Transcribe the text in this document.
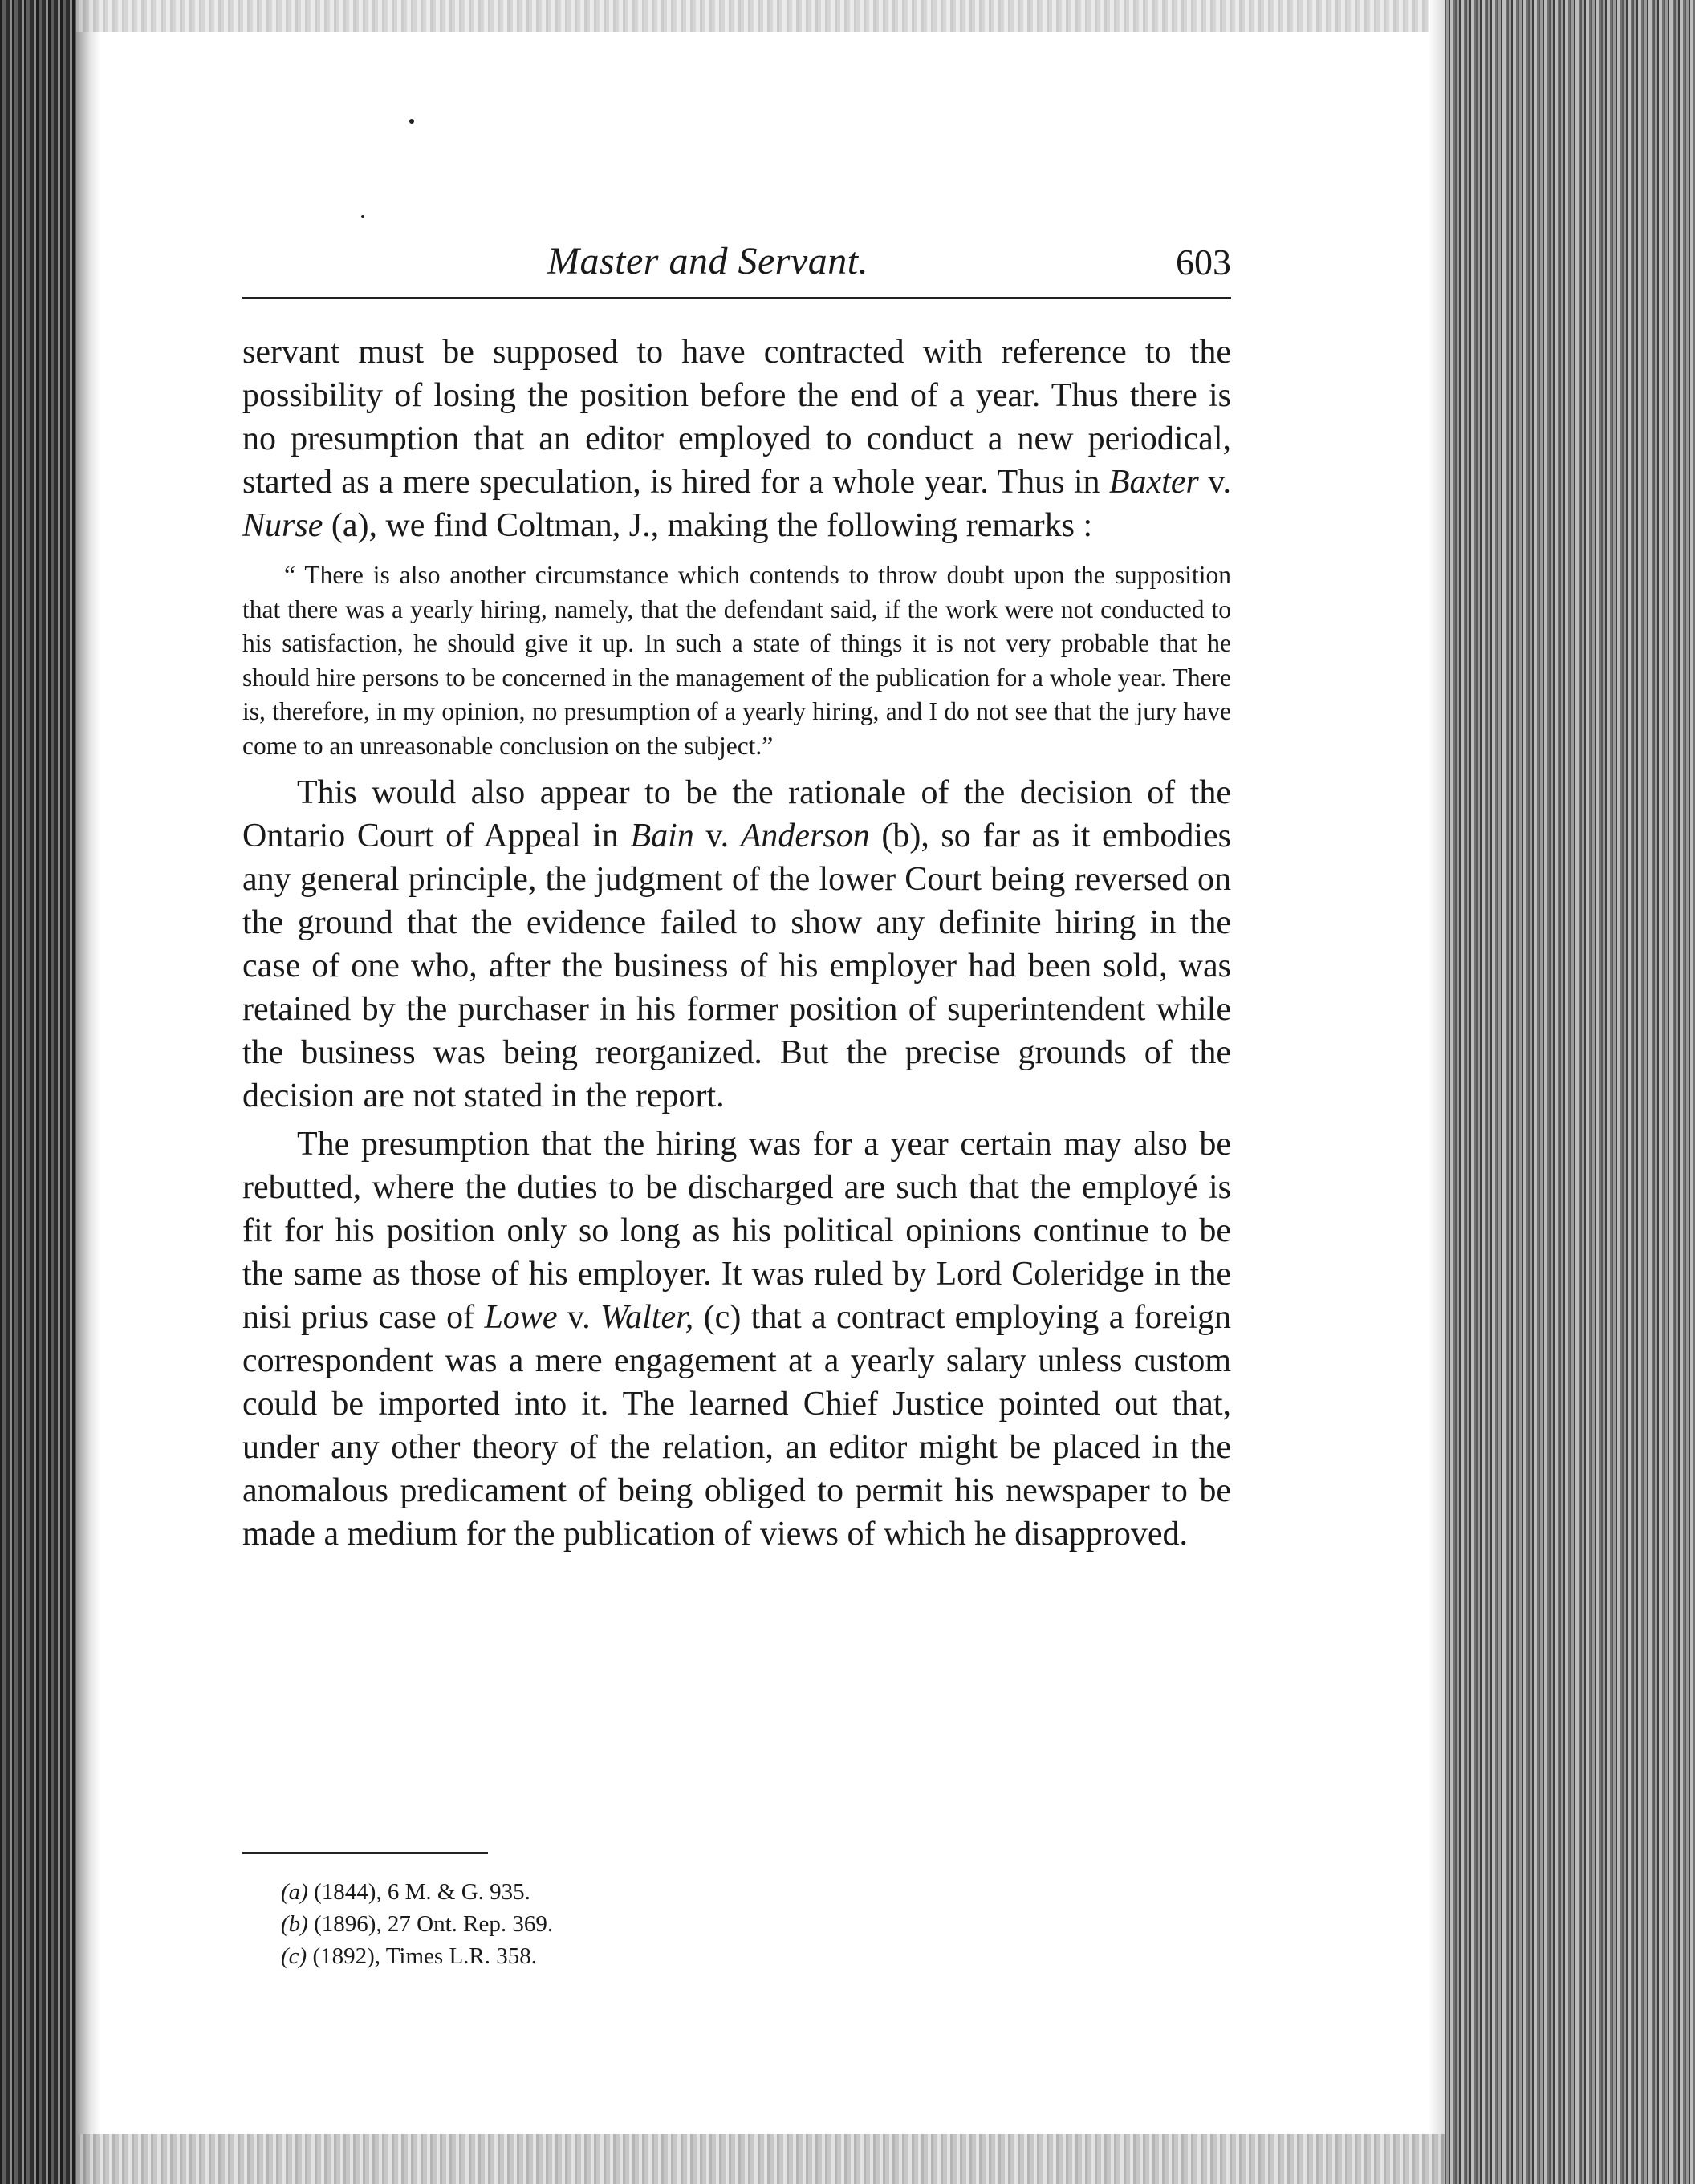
Master and Servant.	603

servant must be supposed to have contracted with reference to the possibility of losing the position before the end of a year. Thus there is no presumption that an editor employed to conduct a new periodical, started as a mere speculation, is hired for a whole year. Thus in Baxter v. Nurse (a), we find Coltman, J., making the following remarks :

“ There is also another circumstance which contends to throw doubt upon the supposition that there was a yearly hiring, namely, that the defendant said, if the work were not conducted to his satisfaction, he should give it up. In such a state of things it is not very probable that he should hire persons to be concerned in the management of the publication for a whole year. There is, therefore, in my opinion, no presumption of a yearly hiring, and I do not see that the jury have come to an unreasonable conclusion on the subject.”

This would also appear to be the rationale of the decision of the Ontario Court of Appeal in Bain v. Anderson (b), so far as it embodies any general principle, the judgment of the lower Court being reversed on the ground that the evidence failed to show any definite hiring in the case of one who, after the business of his employer had been sold, was retained by the purchaser in his former position of superintendent while the business was being reorganized. But the precise grounds of the decision are not stated in the report.

The presumption that the hiring was for a year certain may also be rebutted, where the duties to be discharged are such that the employé is fit for his position only so long as his political opinions continue to be the same as those of his employer. It was ruled by Lord Coleridge in the nisi prius case of Lowe v. Walter, (c) that a contract employing a foreign correspondent was a mere engagement at a yearly salary unless custom could be imported into it. The learned Chief Justice pointed out that, under any other theory of the relation, an editor might be placed in the anomalous predicament of being obliged to permit his newspaper to be made a medium for the publication of views of which he disapproved.

(a) (1844), 6 M. & G. 935.
(b) (1896), 27 Ont. Rep. 369.
(c) (1892), Times L.R. 358.
